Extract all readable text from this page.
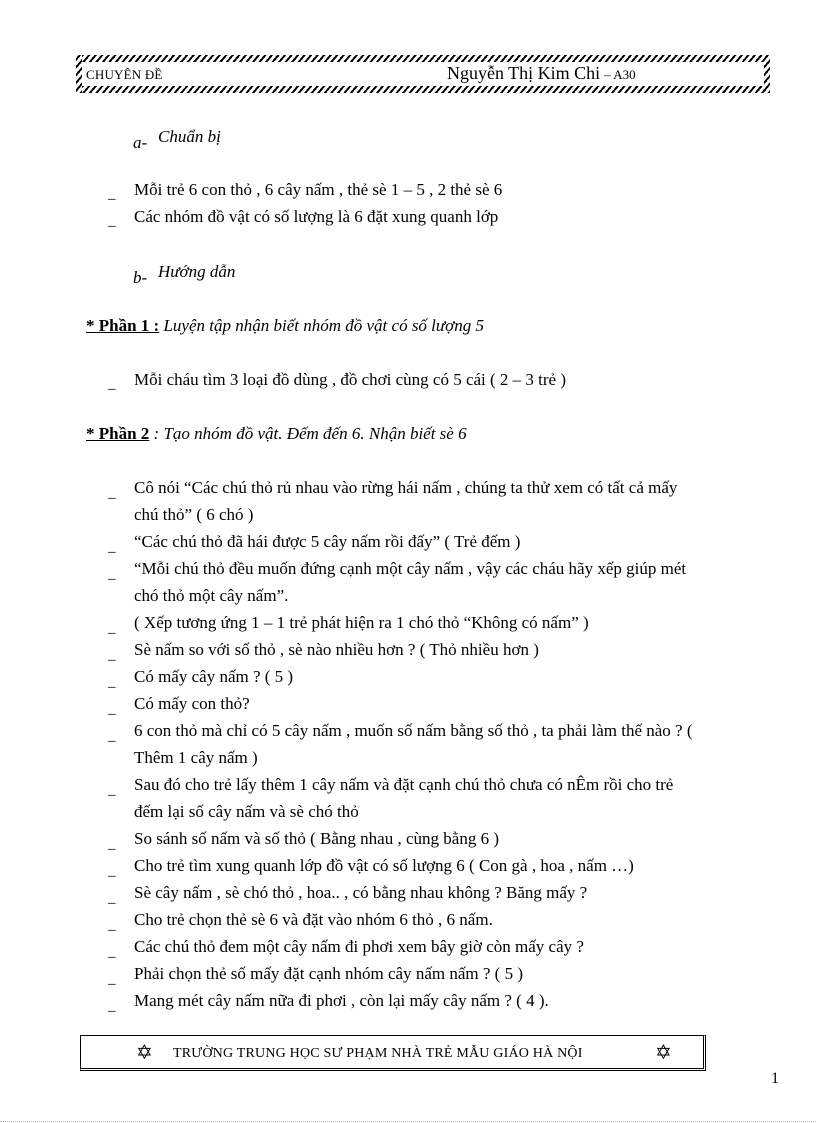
CHUYÊN ĐỀ	Nguyễn Thị Kim Chi – A30
a- Chuẩn bị
_ Mỗi trẻ 6 con thỏ , 6 cây nấm , thẻ sè 1 – 5 , 2 thẻ sè 6
_ Các nhóm đồ vật có số lượng là 6 đặt xung quanh lớp
b- Hướng dẫn
* Phần 1 : Luyện tập nhận biết nhóm đồ vật có số lượng 5
_ Mỗi cháu tìm 3 loại đồ dùng , đồ chơi cùng có 5 cái ( 2 – 3 trẻ )
* Phần 2 : Tạo nhóm đồ vật. Đếm đến 6. Nhận biết sè 6
_ Cô nói “Các chú thỏ rủ nhau vào rừng hái nấm , chúng ta thử xem có tất cả mấy
chú thỏ” ( 6 chó )
_ “Các chú thỏ đã hái được 5 cây nấm rồi đấy” ( Trẻ đếm )
_ “Mỗi chú thỏ đều muốn đứng cạnh một cây nấm , vậy các cháu hãy xếp giúp mét
chó thỏ một cây nấm”.
_ ( Xếp tương ứng 1 – 1 trẻ phát hiện ra 1 chó thỏ “Không có nấm” )
_ Sè nấm so với số thỏ , sè nào nhiều hơn ? ( Thỏ nhiều hơn )
_ Có mấy cây nấm ? ( 5 )
_ Có mấy con thỏ?
_ 6 con thỏ mà chỉ có 5 cây nấm , muốn số nấm bằng số thỏ , ta phải làm thế nào ? (
Thêm 1 cây nấm )
_ Sau đó cho trẻ lấy thêm 1 cây nấm và đặt cạnh chú thỏ chưa có nÊm rồi cho trẻ
đếm lại số cây nấm và sè chó thỏ
_ So sánh số nấm và số thỏ ( Bằng nhau , cùng bằng 6 )
_ Cho trẻ tìm xung quanh lớp đồ vật có số lượng 6 ( Con gà , hoa , nấm …)
_ Sè cây nấm , sè chó thỏ , hoa.. , có bằng nhau không ? Băng mấy ?
_ Cho trẻ chọn thẻ sè 6 và đặt vào nhóm 6 thỏ , 6 nấm.
_ Các chú thỏ đem một cây nấm đi phơi xem bây giờ còn mấy cây ?
_ Phải chọn thẻ số mấy đặt cạnh nhóm cây nấm nấm ? ( 5 )
_ Mang mét cây nấm nữa đi phơi , còn lại mấy cây nấm ? ( 4 ).
✡ TRƯỜNG TRUNG HỌC SƯ PHẠM NHÀ TRẺ MẪU GIÁO HÀ NỘI	✡
1
